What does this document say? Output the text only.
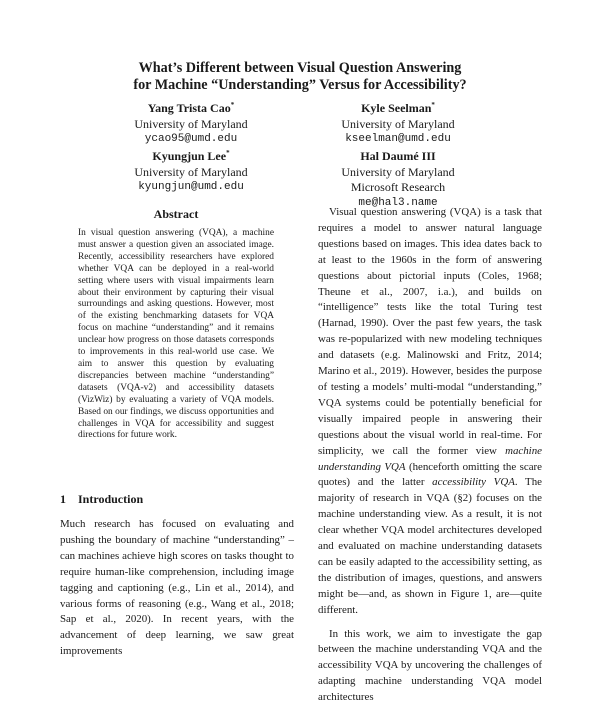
What’s Different between Visual Question Answering
for Machine “Understanding” Versus for Accessibility?
Yang Trista Cao*
University of Maryland
ycao95@umd.edu
Kyle Seelman*
University of Maryland
kseelman@umd.edu
Kyungjun Lee*
University of Maryland
kyungjun@umd.edu
Hal Daumé III
University of Maryland
Microsoft Research
me@hal3.name
Abstract

In visual question answering (VQA), a machine must answer a question given an associated image. Recently, accessibility researchers have explored whether VQA can be deployed in a real-world setting where users with visual impairments learn about their environment by capturing their visual surroundings and asking questions. However, most of the existing benchmarking datasets for VQA focus on machine “understanding” and it remains unclear how progress on those datasets corresponds to improvements in this real-world use case. We aim to answer this question by evaluating discrepancies between machine “understanding” datasets (VQA-v2) and accessibility datasets (VizWiz) by evaluating a variety of VQA models. Based on our findings, we discuss opportunities and challenges in VQA for accessibility and suggest directions for future work.

1 Introduction

Much research has focused on evaluating and pushing the boundary of machine “understanding” – can machines achieve high scores on tasks thought to require human-like comprehension, including image tagging and captioning (e.g., Lin et al., 2014), and various forms of reasoning (e.g., Wang et al., 2018; Sap et al., 2020). In recent years, with the advancement of deep learning, we saw great improvements

Visual question answering (VQA) is a task that requires a model to answer natural language questions based on images. This idea dates back to at least to the 1960s in the form of answering questions about pictorial inputs (Coles, 1968; Theune et al., 2007, i.a.), and builds on “intelligence” tests like the total Turing test (Harnad, 1990). Over the past few years, the task was re-popularized with new modeling techniques and datasets (e.g. Malinowski and Fritz, 2014; Marino et al., 2019). However, besides the purpose of testing a models’ multi-modal “understanding,” VQA systems could be potentially beneficial for visually impaired people in answering their questions about the visual world in real-time. For simplicity, we call the former view machine understanding VQA (henceforth omitting the scare quotes) and the latter accessibility VQA. The majority of research in VQA (§2) focuses on the machine understanding view. As a result, it is not clear whether VQA model architectures developed and evaluated on machine understanding datasets can be easily adapted to the accessibility setting, as the distribution of images, questions, and answers might be—and, as shown in Figure 1, are—quite different.

In this work, we aim to investigate the gap between the machine understanding VQA and the accessibility VQA by uncovering the challenges of adapting machine understanding VQA model architectures
